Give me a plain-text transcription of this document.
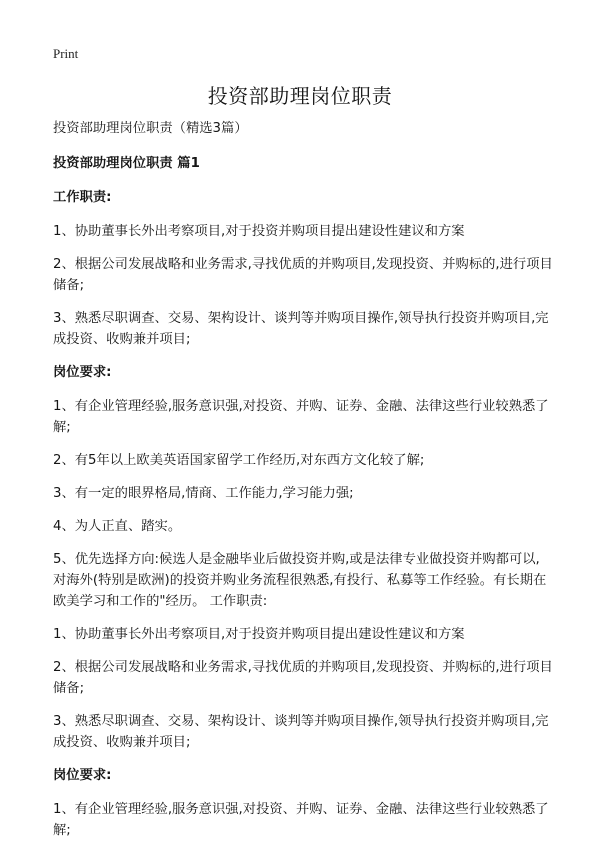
Print
投资部助理岗位职责

投资部助理岗位职责（精选3篇）

投资部助理岗位职责 篇1

工作职责:

1、协助董事长外出考察项目,对于投资并购项目提出建设性建议和方案

2、根据公司发展战略和业务需求,寻找优质的并购项目,发现投资、并购标的,进行项目储备;

3、熟悉尽职调查、交易、架构设计、谈判等并购项目操作,领导执行投资并购项目,完成投资、收购兼并项目;

岗位要求:

1、有企业管理经验,服务意识强,对投资、并购、证券、金融、法律这些行业较熟悉了解;

2、有5年以上欧美英语国家留学工作经历,对东西方文化较了解;

3、有一定的眼界格局,情商、工作能力,学习能力强;

4、为人正直、踏实。

5、优先选择方向:候选人是金融毕业后做投资并购,或是法律专业做投资并购都可以,对海外(特别是欧洲)的投资并购业务流程很熟悉,有投行、私募等工作经验。有长期在欧美学习和工作的"经历。 工作职责:

1、协助董事长外出考察项目,对于投资并购项目提出建设性建议和方案

2、根据公司发展战略和业务需求,寻找优质的并购项目,发现投资、并购标的,进行项目储备;

3、熟悉尽职调查、交易、架构设计、谈判等并购项目操作,领导执行投资并购项目,完成投资、收购兼并项目;

岗位要求:

1、有企业管理经验,服务意识强,对投资、并购、证券、金融、法律这些行业较熟悉了解;
